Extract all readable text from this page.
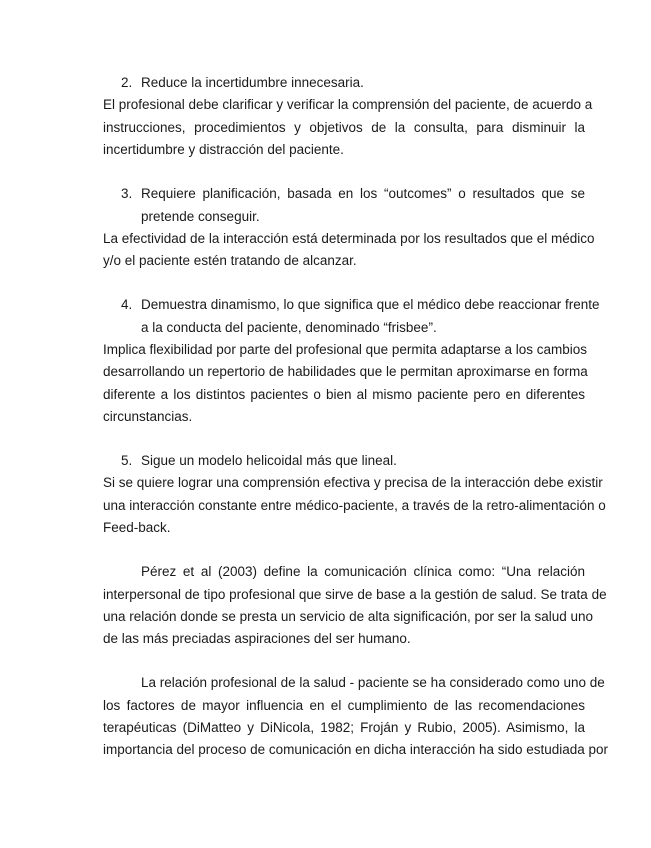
2. Reduce la incertidumbre innecesaria.
El profesional debe clarificar y verificar la comprensión del paciente, de acuerdo a
instrucciones, procedimientos y objetivos de la consulta, para disminuir la
incertidumbre y distracción del paciente.
3. Requiere planificación, basada en los “outcomes” o resultados que se
pretende conseguir.
La efectividad de la interacción está determinada por los resultados que el médico
y/o el paciente estén tratando de alcanzar.
4. Demuestra dinamismo, lo que significa que el médico debe reaccionar frente
a la conducta del paciente, denominado “frisbee”.
Implica flexibilidad por parte del profesional que permita adaptarse a los cambios
desarrollando un repertorio de habilidades que le permitan aproximarse en forma
diferente a los distintos pacientes o bien al mismo paciente pero en diferentes
circunstancias.
5. Sigue un modelo helicoidal más que lineal.
Si se quiere lograr una comprensión efectiva y precisa de la interacción debe existir
una interacción constante entre médico-paciente, a través de la retro-alimentación o
Feed-back.
Pérez et al (2003) define la comunicación clínica como: “Una relación
interpersonal de tipo profesional que sirve de base a la gestión de salud. Se trata de
una relación donde se presta un servicio de alta significación, por ser la salud uno
de las más preciadas aspiraciones del ser humano.
La relación profesional de la salud - paciente se ha considerado como uno de
los factores de mayor influencia en el cumplimiento de las recomendaciones
terapéuticas (DiMatteo y DiNicola, 1982; Froján y Rubio, 2005). Asimismo, la
importancia del proceso de comunicación en dicha interacción ha sido estudiada por
